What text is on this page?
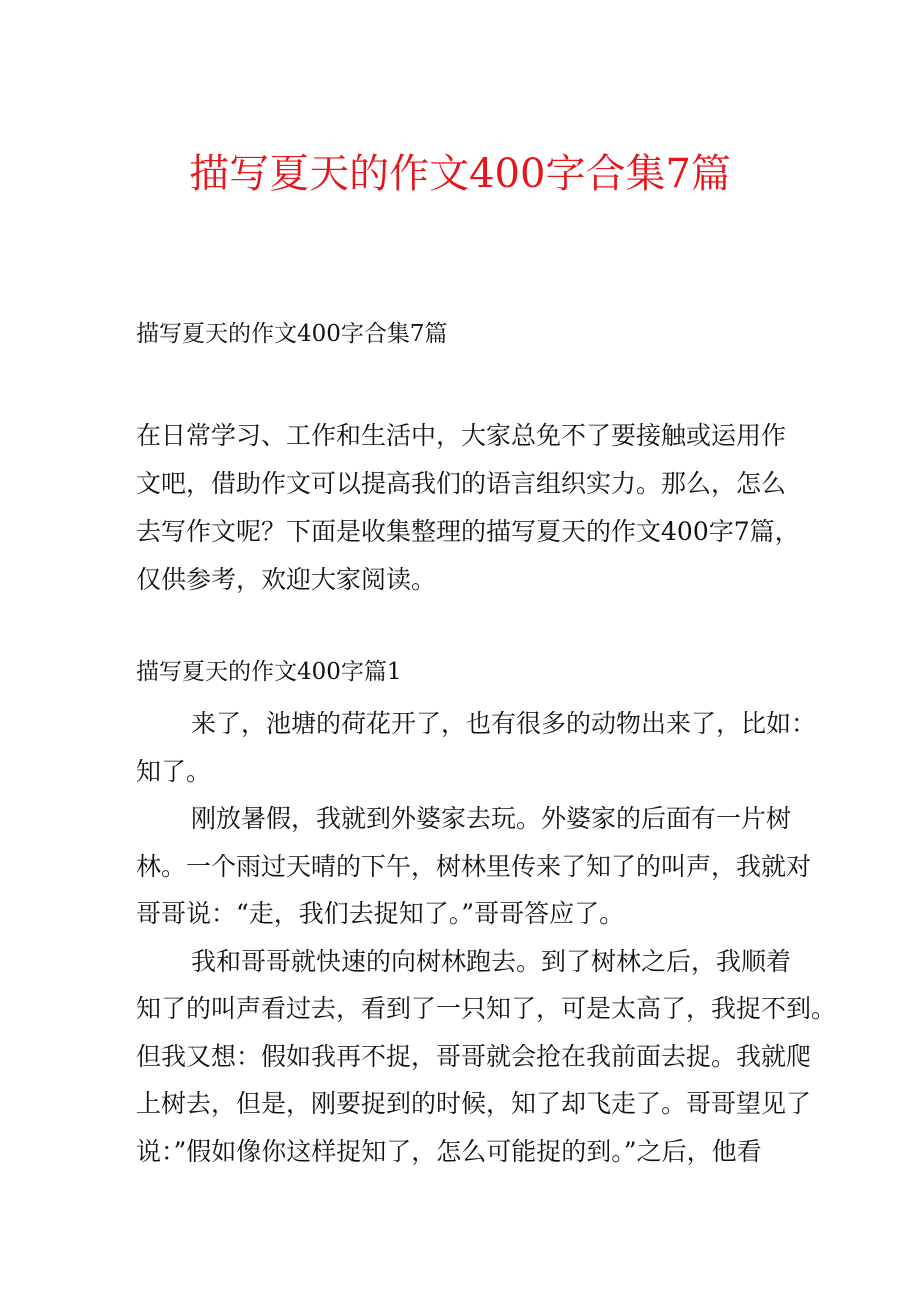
描写夏天的作文400字合集7篇
描写夏天的作文400字合集7篇

在日常学习、工作和生活中，大家总免不了要接触或运用作
文吧，借助作文可以提高我们的语言组织实力。那么，怎么
去写作文呢？下面是收集整理的描写夏天的作文400字7篇，
仅供参考，欢迎大家阅读。

描写夏天的作文400字篇1
来了，池塘的荷花开了，也有很多的动物出来了，比如：
知了。
刚放暑假，我就到外婆家去玩。外婆家的后面有一片树
林。一个雨过天晴的下午，树林里传来了知了的叫声，我就对
哥哥说：“走，我们去捉知了。”哥哥答应了。
我和哥哥就快速的向树林跑去。到了树林之后，我顺着
知了的叫声看过去，看到了一只知了，可是太高了，我捉不到。
但我又想：假如我再不捉，哥哥就会抢在我前面去捉。我就爬
上树去，但是，刚要捉到的时候，知了却飞走了。哥哥望见了
说：”假如像你这样捉知了，怎么可能捉的到。”之后，他看
